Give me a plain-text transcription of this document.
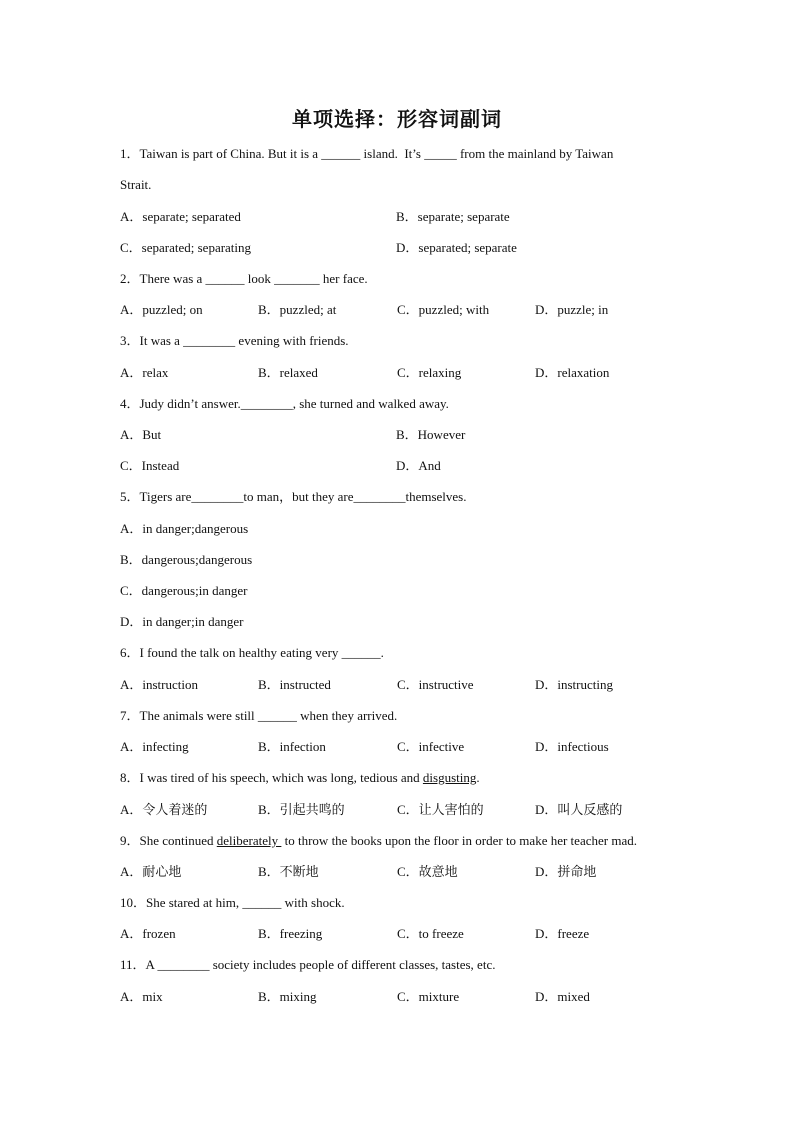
单项选择：形容词副词
1．Taiwan is part of China. But it is a ______ island.  It’s _____ from the mainland by Taiwan
Strait.
A．separate; separated	B．separate; separate
C．separated; separating	D．separated; separate
2．There was a ______ look _______ her face.
A．puzzled; on	B．puzzled; at	C．puzzled; with	D．puzzle; in
3．It was a ________ evening with friends.
A．relax	B．relaxed	C．relaxing	D．relaxation
4．Judy didn’t answer.________, she turned and walked away.
A．But	B．However
C．Instead	D．And
5．Tigers are________to man，but they are________themselves.
A．in danger;dangerous
B．dangerous;dangerous
C．dangerous;in danger
D．in danger;in danger
6．I found the talk on healthy eating very ______.
A．instruction	B．instructed	C．instructive	D．instructing
7．The animals were still ______ when they arrived.
A．infecting	B．infection	C．infective	D．infectious
8．I was tired of his speech, which was long, tedious and disgusting.
A．令人着迷的	B．引起共鸣的	C．让人害怕的	D．叫人反感的
9．She continued deliberately  to throw the books upon the floor in order to make her teacher mad.
A．耐心地	B．不断地	C．故意地	D．拼命地
10．She stared at him, ______ with shock.
A．frozen	B．freezing	C．to freeze	D．freeze
11．A ________ society includes people of different classes, tastes, etc.
A．mix	B．mixing	C．mixture	D．mixed
